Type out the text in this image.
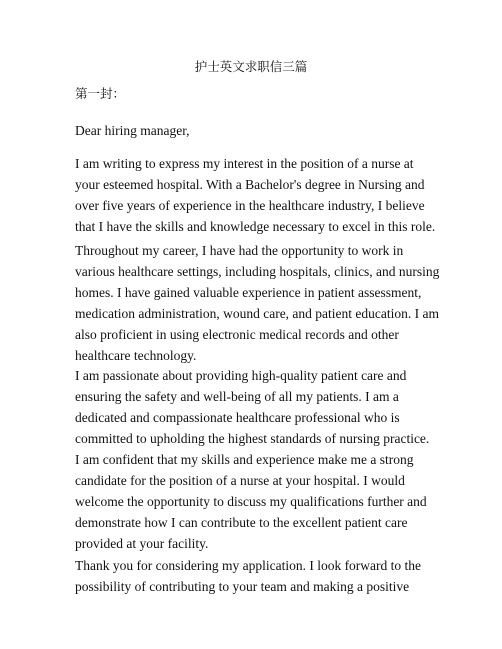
护士英文求职信三篇
第一封：

Dear hiring manager,

I am writing to express my interest in the position of a nurse at
your esteemed hospital. With a Bachelor's degree in Nursing and
over five years of experience in the healthcare industry, I believe
that I have the skills and knowledge necessary to excel in this role.

Throughout my career, I have had the opportunity to work in
various healthcare settings, including hospitals, clinics, and nursing
homes. I have gained valuable experience in patient assessment,
medication administration, wound care, and patient education. I am
also proficient in using electronic medical records and other
healthcare technology.

I am passionate about providing high-quality patient care and
ensuring the safety and well-being of all my patients. I am a
dedicated and compassionate healthcare professional who is
committed to upholding the highest standards of nursing practice.

I am confident that my skills and experience make me a strong
candidate for the position of a nurse at your hospital. I would
welcome the opportunity to discuss my qualifications further and
demonstrate how I can contribute to the excellent patient care
provided at your facility.

Thank you for considering my application. I look forward to the
possibility of contributing to your team and making a positive
